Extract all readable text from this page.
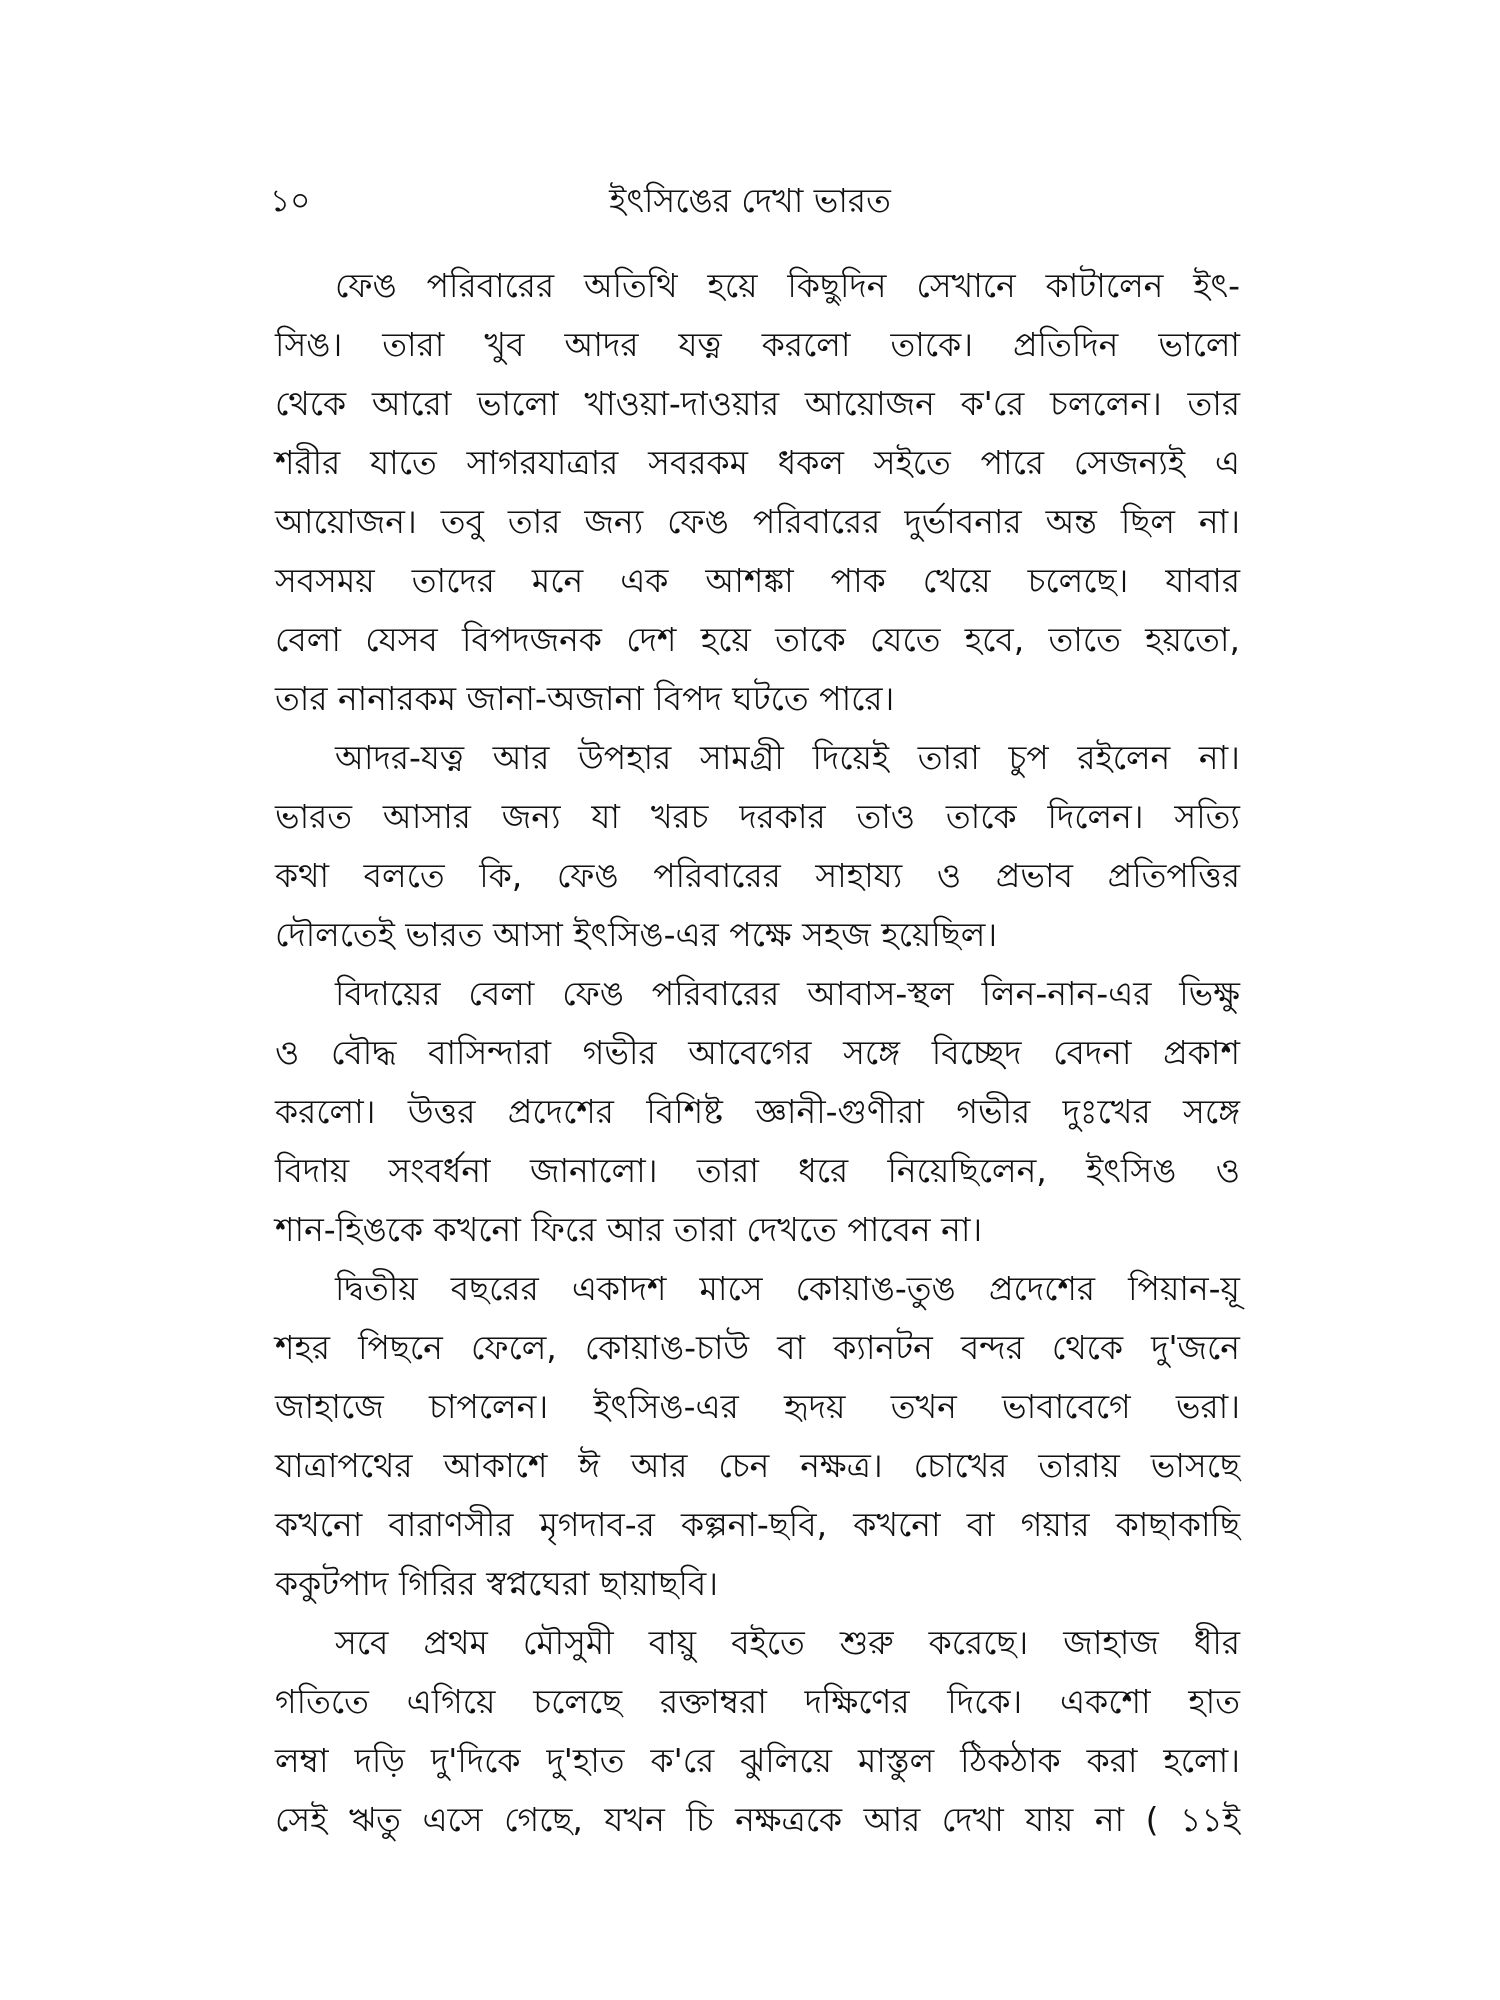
১০	ইৎসিঙের দেখা ভারত
ফেঙ পরিবারের অতিথি হয়ে কিছুদিন সেখানে কাটালেন ইৎ-
সিঙ। তারা খুব আদর যত্ন করলো তাকে। প্রতিদিন ভালো
থেকে আরো ভালো খাওয়া-দাওয়ার আয়োজন ক'রে চললেন। তার
শরীর যাতে সাগরযাত্রার সবরকম ধকল সইতে পারে সেজন্যই এ
আয়োজন। তবু তার জন্য ফেঙ পরিবারের দুর্ভাবনার অন্ত ছিল না।
সবসময় তাদের মনে এক আশঙ্কা পাক খেয়ে চলেছে। যাবার
বেলা যেসব বিপদজনক দেশ হয়ে তাকে যেতে হবে, তাতে হয়তো,
তার নানারকম জানা-অজানা বিপদ ঘটতে পারে।
আদর-যত্ন আর উপহার সামগ্রী দিয়েই তারা চুপ রইলেন না।
ভারত আসার জন্য যা খরচ দরকার তাও তাকে দিলেন। সত্যি
কথা বলতে কি, ফেঙ পরিবারের সাহায্য ও প্রভাব প্রতিপত্তির
দৌলতেই ভারত আসা ইৎসিঙ-এর পক্ষে সহজ হয়েছিল।
বিদায়ের বেলা ফেঙ পরিবারের আবাস-স্থল লিন-নান-এর ভিক্ষু
ও বৌদ্ধ বাসিন্দারা গভীর আবেগের সঙ্গে বিচ্ছেদ বেদনা প্রকাশ
করলো। উত্তর প্রদেশের বিশিষ্ট জ্ঞানী-গুণীরা গভীর দুঃখের সঙ্গে
বিদায় সংবর্ধনা জানালো। তারা ধরে নিয়েছিলেন, ইৎসিঙ ও
শান-হিঙকে কখনো ফিরে আর তারা দেখতে পাবেন না।
দ্বিতীয় বছরের একাদশ মাসে কোয়াঙ-তুঙ প্রদেশের পিয়ান-য়ূ
শহর পিছনে ফেলে, কোয়াঙ-চাউ বা ক্যানটন বন্দর থেকে দু'জনে
জাহাজে চাপলেন। ইৎসিঙ-এর হৃদয় তখন ভাবাবেগে ভরা।
যাত্রাপথের আকাশে ঈ আর চেন নক্ষত্র। চোখের তারায় ভাসছে
কখনো বারাণসীর মৃগদাব-র কল্পনা-ছবি, কখনো বা গয়ার কাছাকাছি
ককুটপাদ গিরির স্বপ্নঘেরা ছায়াছবি।
সবে প্রথম মৌসুমী বায়ু বইতে শুরু করেছে। জাহাজ ধীর
গতিতে এগিয়ে চলেছে রক্তাম্বরা দক্ষিণের দিকে। একশো হাত
লম্বা দড়ি দু'দিকে দু'হাত ক'রে ঝুলিয়ে মাস্তুল ঠিকঠাক করা হলো।
সেই ঋতু এসে গেছে, যখন চি নক্ষত্রকে আর দেখা যায় না ( ১১ই
